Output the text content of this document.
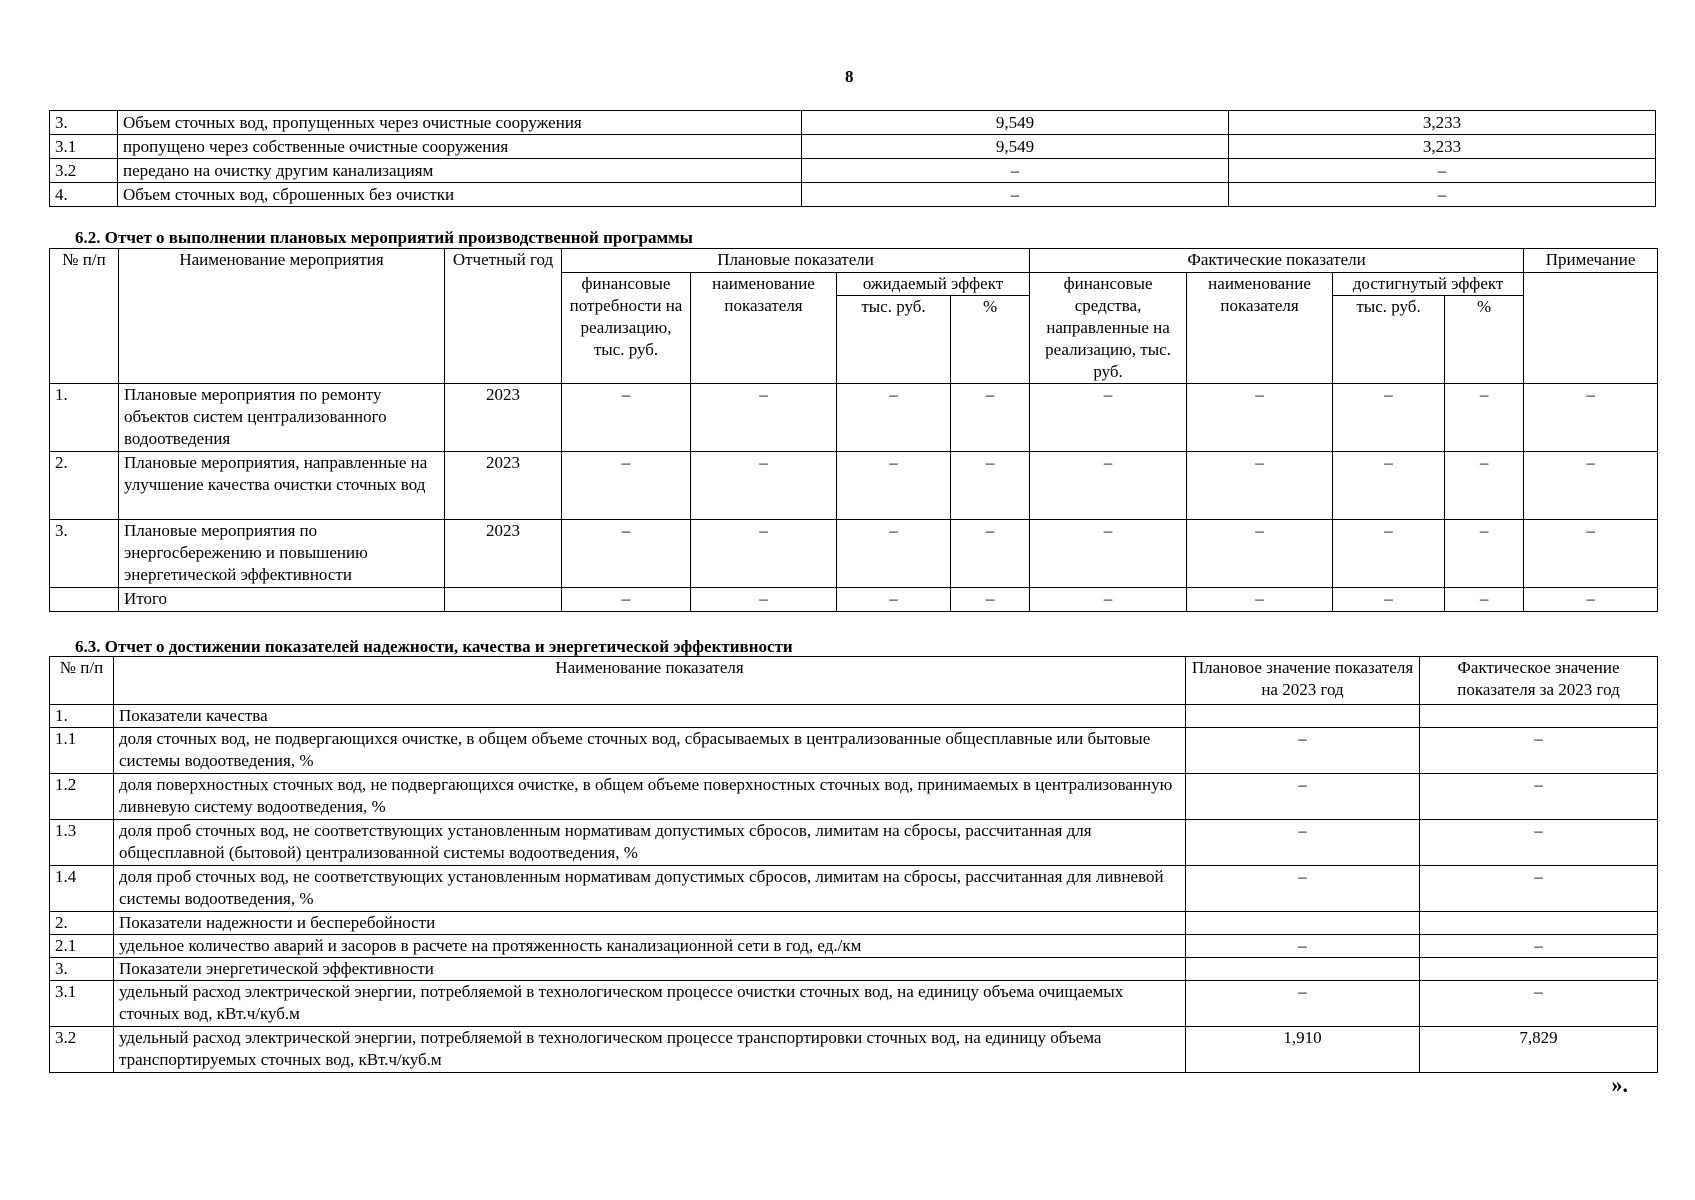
8
3.	Объем сточных вод, пропущенных через очистные сооружения	9,549	3,233
3.1	пропущено через собственные очистные сооружения	9,549	3,233
3.2	передано на очистку другим канализациям	–	–
4.	Объем сточных вод, сброшенных без очистки	–	–
6.2. Отчет о выполнении плановых мероприятий производственной программы
№ п/п	Наименование мероприятия	Отчетный год	Плановые показатели				Фактические показатели				Примечание
			финансовые потребности на реализацию, тыс. руб.	наименование показателя	ожидаемый эффект		финансовые средства, направленные на реализацию, тыс. руб.	наименование показателя	достигнутый эффект		
					тыс. руб.	%			тыс. руб.	%	

1.	Плановые мероприятия по ремонту объектов систем централизованного водоотведения	2023	–	–	–	–	–	–	–	–	–
2.	Плановые мероприятия, направленные на улучшение качества очистки сточных вод	2023	–	–	–	–	–	–	–	–	–
3.	Плановые мероприятия по энергосбережению и повышению энергетической эффективности	2023	–	–	–	–	–	–	–	–	–
	Итого		–	–	–	–	–	–	–	–	–
6.3. Отчет о достижении показателей надежности, качества и энергетической эффективности
№ п/п	Наименование показателя	Плановое значение показателя на 2023 год	Фактическое значение показателя за 2023 год
1.	Показатели качества		
1.1	доля сточных вод, не подвергающихся очистке, в общем объеме сточных вод, сбрасываемых в централизованные общесплавные или бытовые системы водоотведения, %	–	–
1.2	доля поверхностных сточных вод, не подвергающихся очистке, в общем объеме поверхностных сточных вод, принимаемых в централизованную ливневую систему водоотведения, %	–	–
1.3	доля проб сточных вод, не соответствующих установленным нормативам допустимых сбросов, лимитам на сбросы, рассчитанная для общесплавной (бытовой) централизованной системы водоотведения, %	–	–
1.4	доля проб сточных вод, не соответствующих установленным нормативам допустимых сбросов, лимитам на сбросы, рассчитанная для ливневой системы водоотведения, %	–	–
2.	Показатели надежности и бесперебойности		
2.1	удельное количество аварий и засоров в расчете на протяженность канализационной сети в год, ед./км	–	–
3.	Показатели энергетической эффективности		
3.1	удельный расход электрической энергии, потребляемой в технологическом процессе очистки сточных вод, на единицу объема очищаемых сточных вод, кВт.ч/куб.м	–	–
3.2	удельный расход электрической энергии, потребляемой в технологическом процессе транспортировки сточных вод, на единицу объема транспортируемых сточных вод, кВт.ч/куб.м	1,910	7,829
».
